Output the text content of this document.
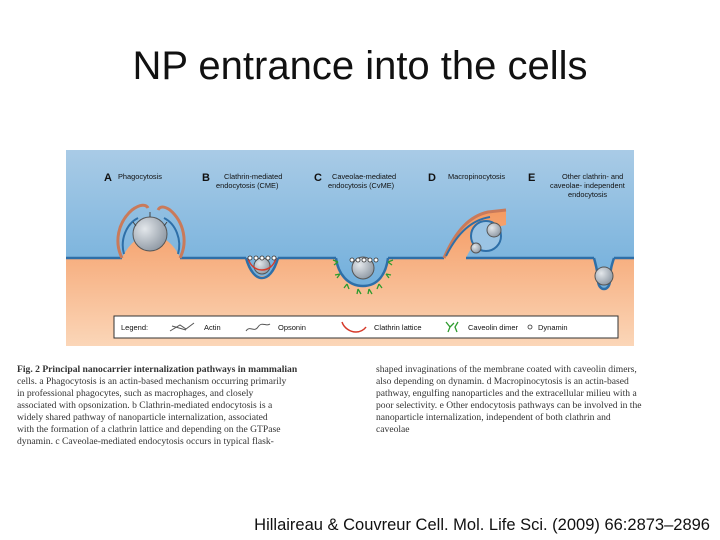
NP entrance into the cells
A Phagocytosis	B Clathrin-mediated
endocytosis (CME)
C Caveolae-mediated
endocytosis (CvME)
D Macropinocytosis E	Other clathrin- and
caveolae- independent
endocytosis
Legend:	Actin	Opsonin	Clathrin lattice	Caveolin dimer	Dynamin
Fig. 2 Principal nanocarrier internalization pathways in mammalian
cells. a Phagocytosis is an actin-based mechanism occurring primarily
in professional phagocytes, such as macrophages, and closely
associated with opsonization. b Clathrin-mediated endocytosis is a
widely shared pathway of nanoparticle internalization, associated
with the formation of a clathrin lattice and depending on the GTPase
dynamin. c Caveolae-mediated endocytosis occurs in typical flask-
shaped invaginations of the membrane coated with caveolin dimers,
also depending on dynamin. d Macropinocytosis is an actin-based
pathway, engulfing nanoparticles and the extracellular milieu with a
poor selectivity. e Other endocytosis pathways can be involved in the
nanoparticle internalization, independent of both clathrin and
caveolae
Hillaireau & Couvreur Cell. Mol. Life Sci. (2009) 66:2873–2896
